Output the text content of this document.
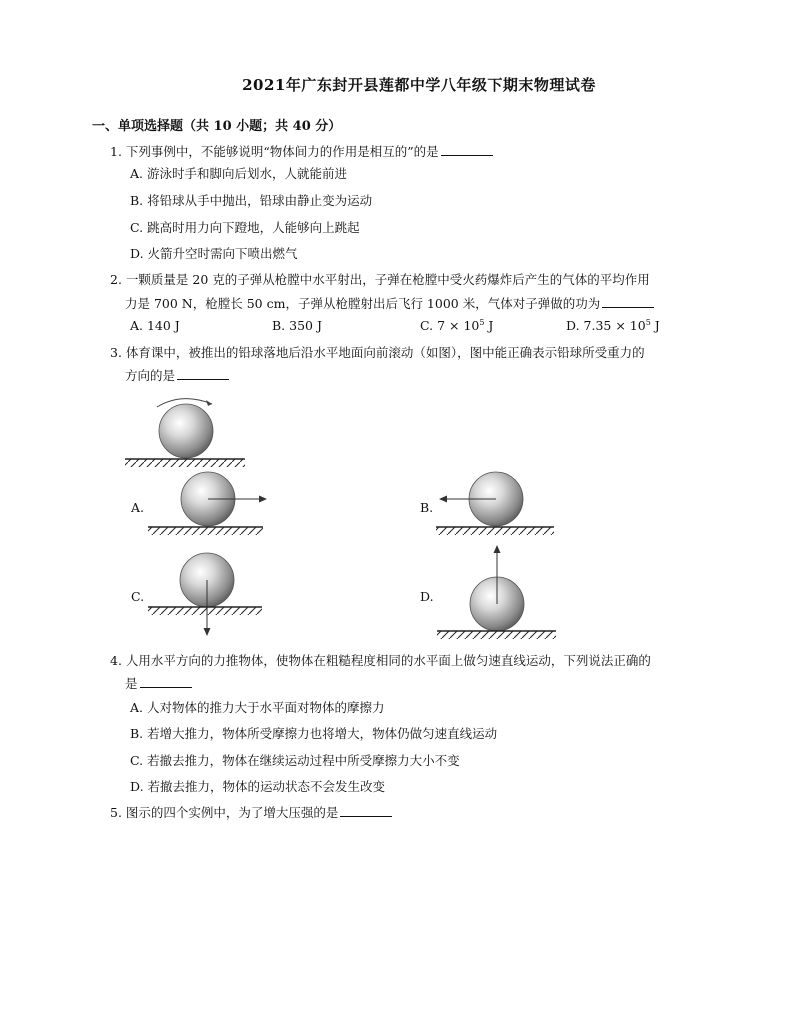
2021年广东封开县莲都中学八年级下期末物理试卷
一、单项选择题（共 10 小题；共 40 分）
1. 下列事例中，不能够说明“物体间力的作用是相互的”的是
A. 游泳时手和脚向后划水，人就能前进
B. 将铅球从手中抛出，铅球由静止变为运动
C. 跳高时用力向下蹬地，人能够向上跳起
D. 火箭升空时需向下喷出燃气
2. 一颗质量是 20 克的子弹从枪膛中水平射出，子弹在枪膛中受火药爆炸后产生的气体的平均作用
力是 700 N，枪膛长 50 cm，子弹从枪膛射出后飞行 1000 米，气体对子弹做的功为
A. 140 J	B. 350 J	C. $7 \times 10^5$ J	D. $7.35 \times 10^5$ J
3. 体育课中，被推出的铅球落地后沿水平地面向前滚动（如图），图中能正确表示铅球所受重力的
方向的是
A.	B.
C.	D.
4. 人用水平方向的力推物体，使物体在粗糙程度相同的水平面上做匀速直线运动，下列说法正确的
是
A. 人对物体的推力大于水平面对物体的摩擦力
B. 若增大推力，物体所受摩擦力也将增大，物体仍做匀速直线运动
C. 若撤去推力，物体在继续运动过程中所受摩擦力大小不变
D. 若撤去推力，物体的运动状态不会发生改变
5. 图示的四个实例中，为了增大压强的是
